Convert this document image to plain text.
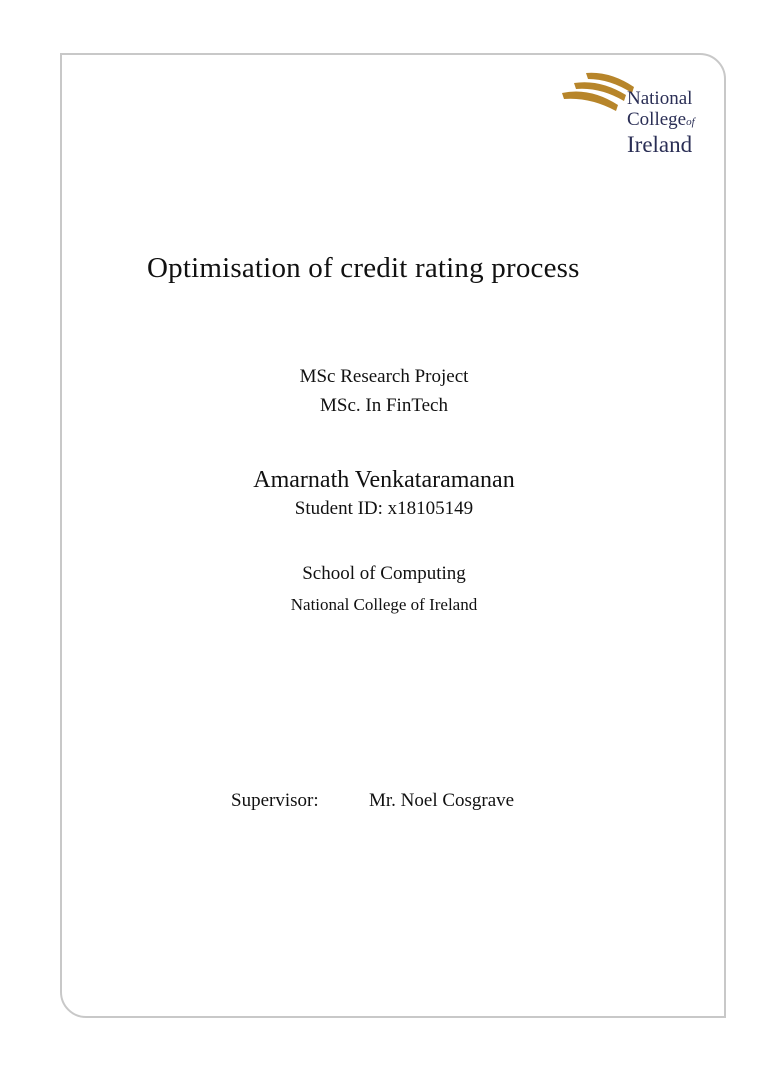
National
Collegeof
Ireland
Optimisation of credit rating process
MSc Research Project
MSc. In FinTech
Amarnath Venkataramanan
Student ID: x18105149
School of Computing
National College of Ireland
Supervisor:	Mr. Noel Cosgrave
